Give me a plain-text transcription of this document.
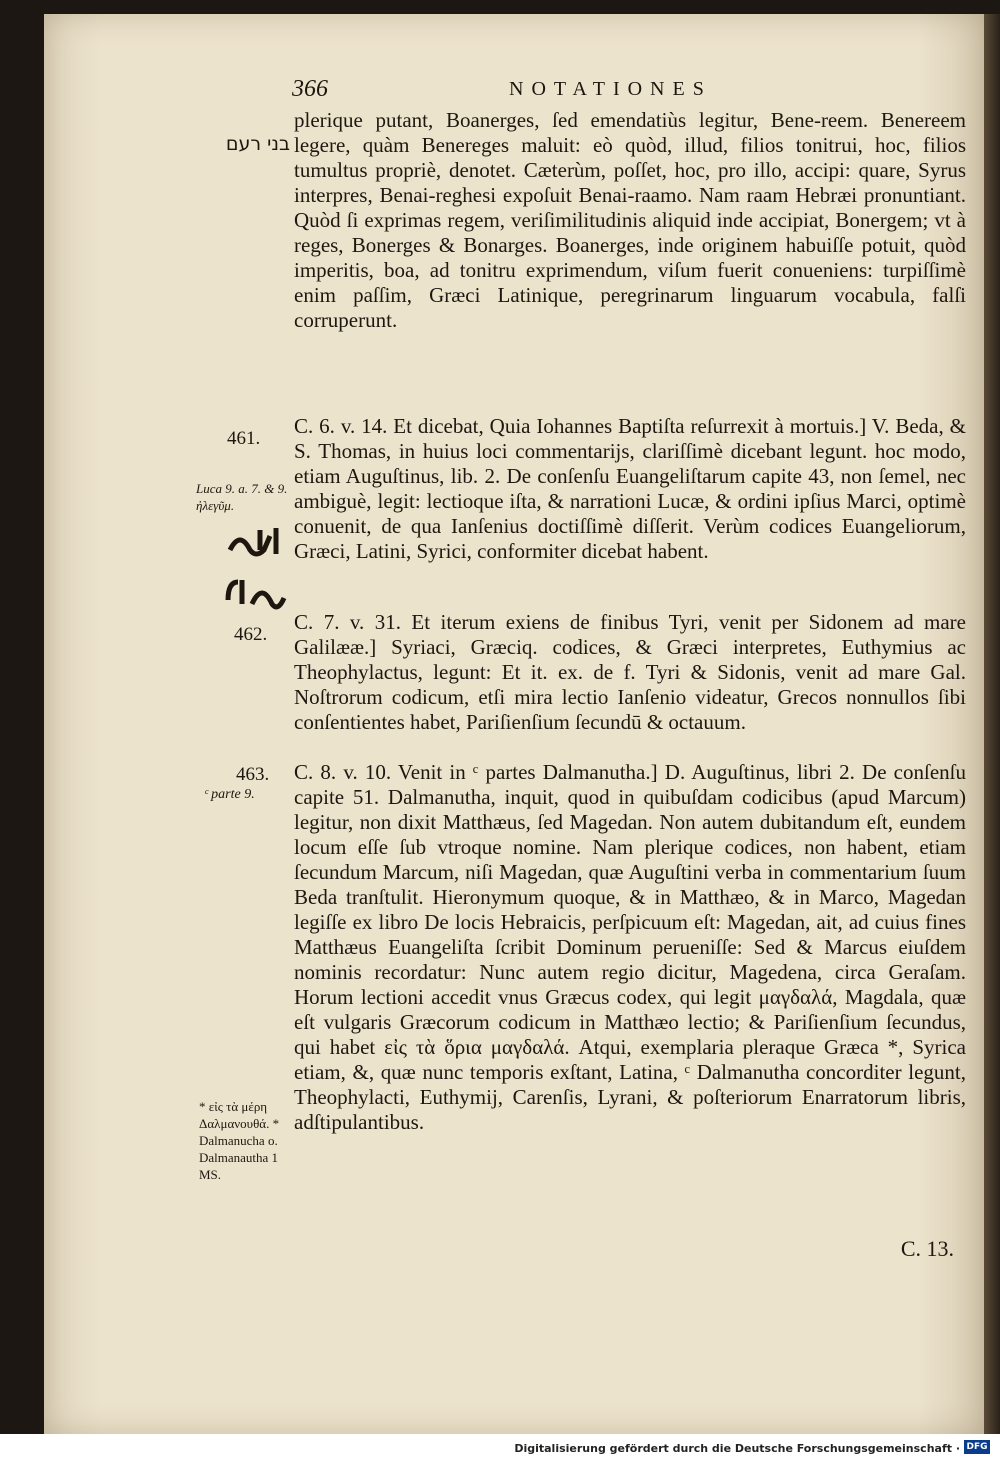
366	NOTATIONES
בני רעם
461.
Luca 9. a. 7. & 9. ἠλεγῦμ.
462.
463.
ᶜ parte 9.
* εἰς τὰ μέρη Δαλμανουθά. * Dalmanucha o. Dalmanautha 1 MS.
plerique putant, Boanerges, ſed emendatiùs legitur, Bene-reem. Benereem legere, quàm Benereges maluit: eò quòd, illud, filios tonitrui, hoc, filios tumultus propriè, denotet. Cæterùm, poſſet, hoc, pro illo, accipi: quare, Syrus interpres, Benai-reghesi expoſuit Benai-raamo. Nam raam Hebræi pronuntiant. Quòd ſi exprimas regem, veriſimilitudinis aliquid inde accipiat, Bonergem; vt à reges, Bonerges & Bonarges. Boanerges, inde originem habuiſſe potuit, quòd imperitis, boa, ad tonitru exprimendum, viſum fuerit conueniens: turpiſſimè enim paſſim, Græci Latinique, peregrinarum linguarum vocabula, falſi corruperunt.
C. 6. v. 14. Et dicebat, Quia Iohannes Baptiſta reſurrexit à mortuis.] V. Beda, & S. Thomas, in huius loci commentarijs, clariſſimè dicebant legunt. hoc modo, etiam Auguſtinus, lib. 2. De conſenſu Euangeliſtarum capite 43, non ſemel, nec ambiguè, legit: lectioque iſta, & narrationi Lucæ, & ordini ipſius Marci, optimè conuenit, de qua Ianſenius doctiſſimè diſſerit. Verùm codices Euangeliorum, Græci, Latini, Syrici, conformiter dicebat habent.
C. 7. v. 31. Et iterum exiens de finibus Tyri, venit per Sidonem ad mare Galilææ.] Syriaci, Græciq. codices, & Græci interpretes, Euthymius ac Theophylactus, legunt: Et it. ex. de f. Tyri & Sidonis, venit ad mare Gal. Noſtrorum codicum, etſi mira lectio Ianſenio videatur, Grecos nonnullos ſibi conſentientes habet, Pariſienſium ſecundū & octauum.
C. 8. v. 10. Venit in ᶜ partes Dalmanutha.] D. Auguſtinus, libri 2. De conſenſu capite 51. Dalmanutha, inquit, quod in quibuſdam codicibus (apud Marcum) legitur, non dixit Matthæus, ſed Magedan. Non autem dubitandum eſt, eundem locum eſſe ſub vtroque nomine. Nam plerique codices, non habent, etiam ſecundum Marcum, niſi Magedan, quæ Auguſtini verba in commentarium ſuum Beda tranſtulit. Hieronymum quoque, & in Matthæo, & in Marco, Magedan legiſſe ex libro De locis Hebraicis, perſpicuum eſt: Magedan, ait, ad cuius fines Matthæus Euangeliſta ſcribit Dominum perueniſſe: Sed & Marcus eiuſdem nominis recordatur: Nunc autem regio dicitur, Magedena, circa Geraſam. Horum lectioni accedit vnus Græcus codex, qui legit μαγδαλά, Magdala, quæ eſt vulgaris Græcorum codicum in Matthæo lectio; & Pariſienſium ſecundus, qui habet εἰς τὰ ὅρια μαγδαλά. Atqui, exemplaria pleraque Græca *, Syrica etiam, &, quæ nunc temporis exſtant, Latina, ᶜ Dalmanutha concorditer legunt, Theophylacti, Euthymij, Carenſis, Lyrani, & poſteriorum Enarratorum libris, adſtipulantibus.
C. 13.
Digitalisierung gefördert durch die Deutsche Forschungsgemeinschaft · DFG
